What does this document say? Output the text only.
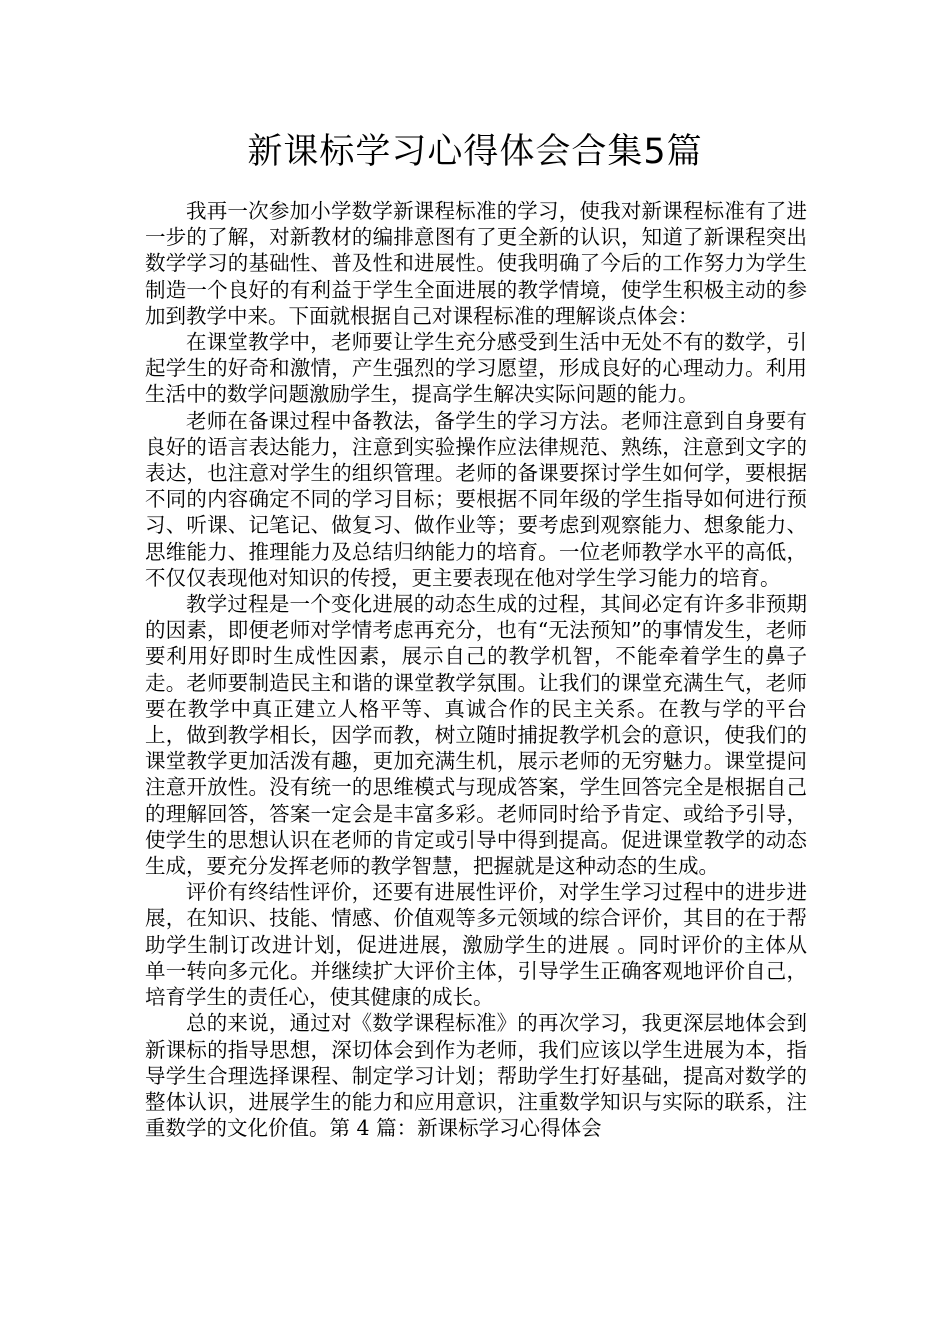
新课标学习心得体会合集5篇

我再一次参加小学数学新课程标准的学习，使我对新课程标准有了进一步的了解，对新教材的编排意图有了更全新的认识，知道了新课程突出数学学习的基础性、普及性和进展性。使我明确了今后的工作努力为学生制造一个良好的有利益于学生全面进展的教学情境，使学生积极主动的参加到教学中来。下面就根据自己对课程标准的理解谈点体会：

在课堂教学中，老师要让学生充分感受到生活中无处不有的数学，引起学生的好奇和激情，产生强烈的学习愿望，形成良好的心理动力。利用生活中的数学问题激励学生，提高学生解决实际问题的能力。

老师在备课过程中备教法，备学生的学习方法。老师注意到自身要有良好的语言表达能力，注意到实验操作应法律规范、熟练，注意到文字的表达，也注意对学生的组织管理。老师的备课要探讨学生如何学，要根据不同的内容确定不同的学习目标；要根据不同年级的学生指导如何进行预习、听课、记笔记、做复习、做作业等；要考虑到观察能力、想象能力、思维能力、推理能力及总结归纳能力的培育。一位老师教学水平的高低，不仅仅表现他对知识的传授，更主要表现在他对学生学习能力的培育。

教学过程是一个变化进展的动态生成的过程，其间必定有许多非预期的因素，即便老师对学情考虑再充分，也有“无法预知”的事情发生，老师要利用好即时生成性因素，展示自己的教学机智，不能牵着学生的鼻子走。老师要制造民主和谐的课堂教学氛围。让我们的课堂充满生气，老师要在教学中真正建立人格平等、真诚合作的民主关系。在教与学的平台上，做到教学相长，因学而教，树立随时捕捉教学机会的意识，使我们的课堂教学更加活泼有趣，更加充满生机，展示老师的无穷魅力。课堂提问注意开放性。没有统一的思维模式与现成答案，学生回答完全是根据自己的理解回答，答案一定会是丰富多彩。老师同时给予肯定、或给予引导，使学生的思想认识在老师的肯定或引导中得到提高。促进课堂教学的动态生成，要充分发挥老师的教学智慧，把握就是这种动态的生成。

评价有终结性评价，还要有进展性评价，对学生学习过程中的进步进展，在知识、技能、情感、价值观等多元领域的综合评价，其目的在于帮助学生制订改进计划，促进进展，激励学生的进展 。同时评价的主体从单一转向多元化。并继续扩大评价主体，引导学生正确客观地评价自己，培育学生的责任心，使其健康的成长。

总的来说，通过对《数学课程标准》的再次学习，我更深层地体会到新课标的指导思想，深切体会到作为老师，我们应该以学生进展为本，指导学生合理选择课程、制定学习计划；帮助学生打好基础，提高对数学的整体认识，进展学生的能力和应用意识，注重数学知识与实际的联系，注重数学的文化价值。第 4 篇：新课标学习心得体会
